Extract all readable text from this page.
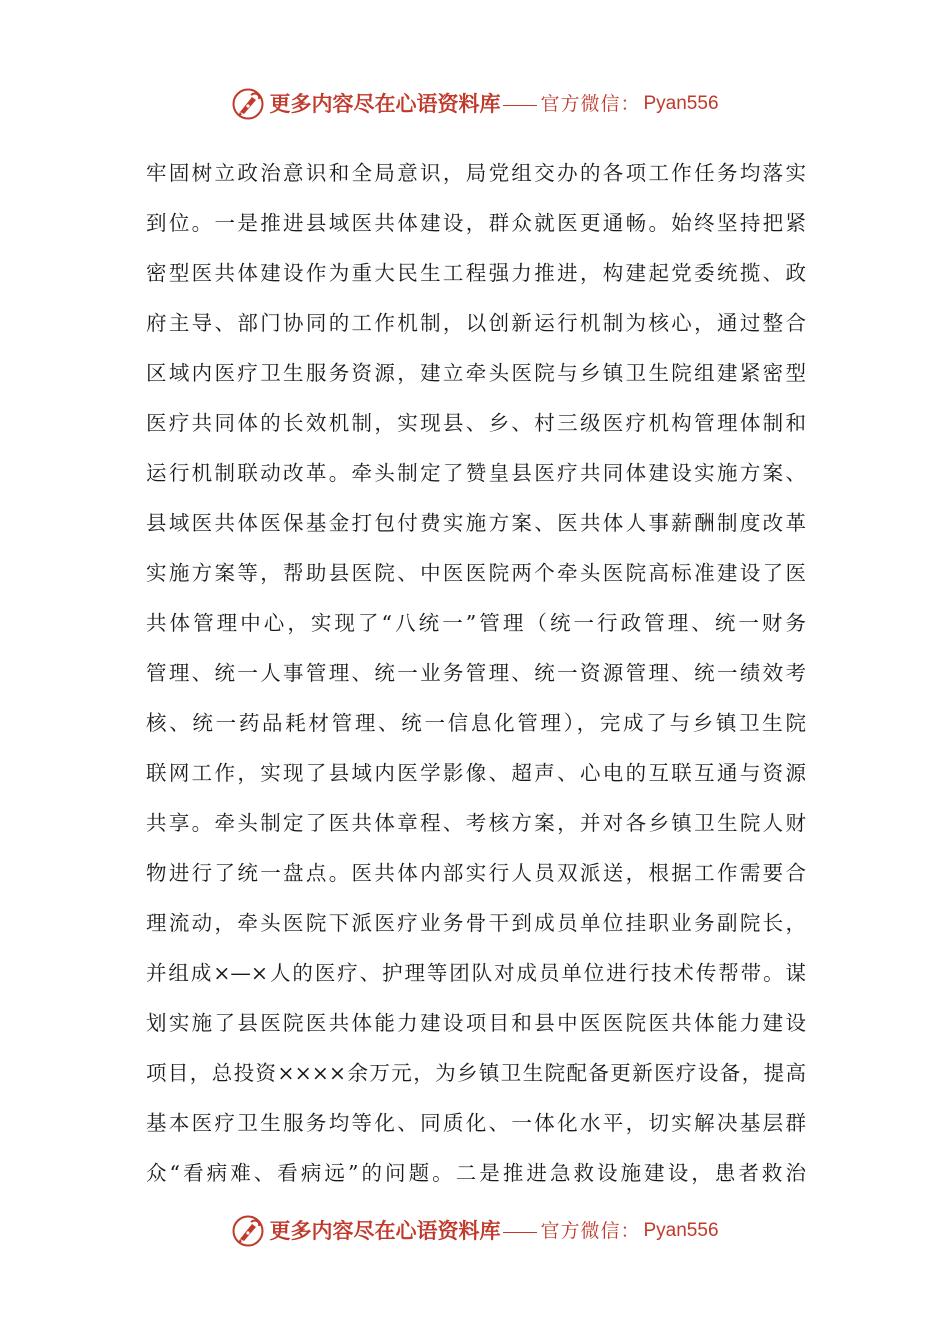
更多内容尽在心语资料库 官方微信： Pyan556
牢固树立政治意识和全局意识，局党组交办的各项工作任务均落实
到位。一是推进县域医共体建设，群众就医更通畅。始终坚持把紧
密型医共体建设作为重大民生工程强力推进，构建起党委统揽、政
府主导、部门协同的工作机制，以创新运行机制为核心，通过整合
区域内医疗卫生服务资源，建立牵头医院与乡镇卫生院组建紧密型
医疗共同体的长效机制，实现县、乡、村三级医疗机构管理体制和
运行机制联动改革。牵头制定了赞皇县医疗共同体建设实施方案、
县域医共体医保基金打包付费实施方案、医共体人事薪酬制度改革
实施方案等，帮助县医院、中医医院两个牵头医院高标准建设了医
共体管理中心，实现了“八统一”管理（统一行政管理、统一财务
管理、统一人事管理、统一业务管理、统一资源管理、统一绩效考
核、统一药品耗材管理、统一信息化管理），完成了与乡镇卫生院
联网工作，实现了县域内医学影像、超声、心电的互联互通与资源
共享。牵头制定了医共体章程、考核方案，并对各乡镇卫生院人财
物进行了统一盘点。医共体内部实行人员双派送，根据工作需要合
理流动，牵头医院下派医疗业务骨干到成员单位挂职业务副院长，
并组成×—×人的医疗、护理等团队对成员单位进行技术传帮带。谋
划实施了县医院医共体能力建设项目和县中医医院医共体能力建设
项目，总投资××××余万元，为乡镇卫生院配备更新医疗设备，提高
基本医疗卫生服务均等化、同质化、一体化水平，切实解决基层群
众“看病难、看病远”的问题。二是推进急救设施建设，患者救治
更多内容尽在心语资料库 官方微信： Pyan556
